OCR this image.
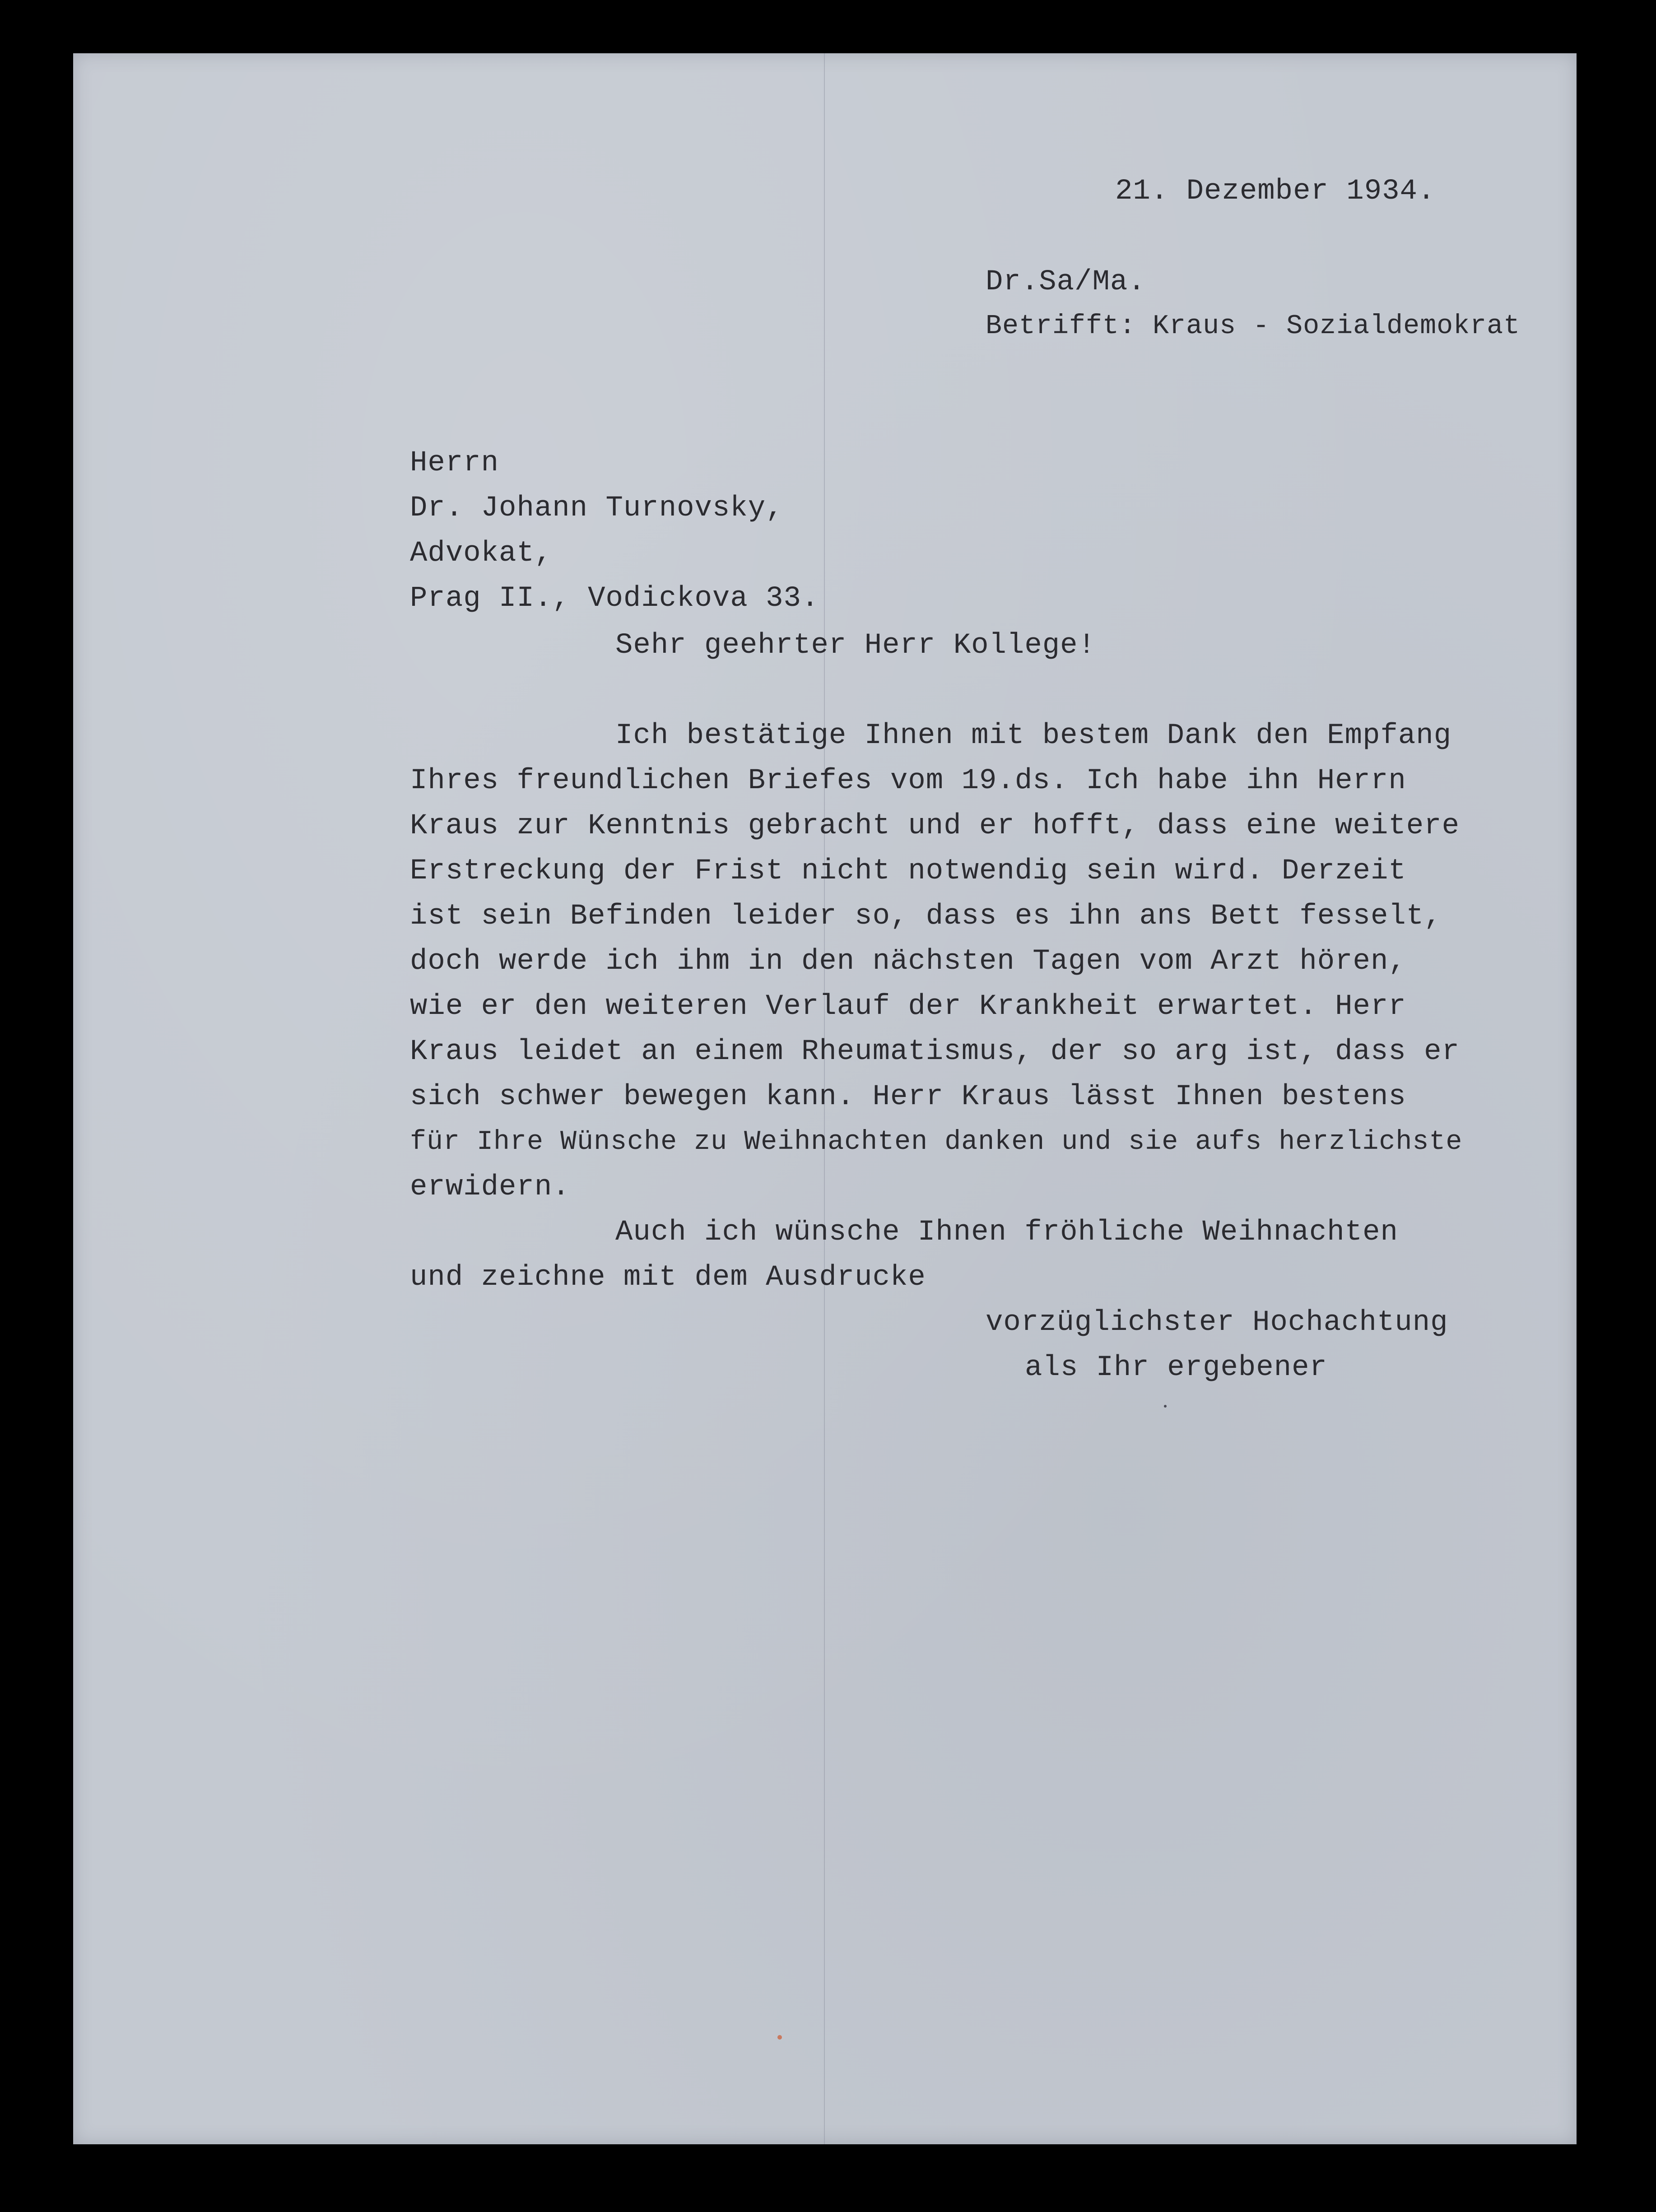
21. Dezember 1934.
Dr.Sa/Ma.
Betrifft: Kraus - Sozialdemokrat
Herrn
Dr. Johann Turnovsky,
Advokat,
Prag II., Vodickova 33.
Sehr geehrter Herr Kollege!
Ich bestätige Ihnen mit bestem Dank den Empfang
Ihres freundlichen Briefes vom 19.ds. Ich habe ihn Herrn
Kraus zur Kenntnis gebracht und er hofft, dass eine weitere
Erstreckung der Frist nicht notwendig sein wird. Derzeit
ist sein Befinden leider so, dass es ihn ans Bett fesselt,
doch werde ich ihm in den nächsten Tagen vom Arzt hören,
wie er den weiteren Verlauf der Krankheit erwartet. Herr
Kraus leidet an einem Rheumatismus, der so arg ist, dass er
sich schwer bewegen kann. Herr Kraus lässt Ihnen bestens
für Ihre Wünsche zu Weihnachten danken und sie aufs herzlichste
erwidern.
Auch ich wünsche Ihnen fröhliche Weihnachten
und zeichne mit dem Ausdrucke
vorzüglichster Hochachtung
als Ihr ergebener
